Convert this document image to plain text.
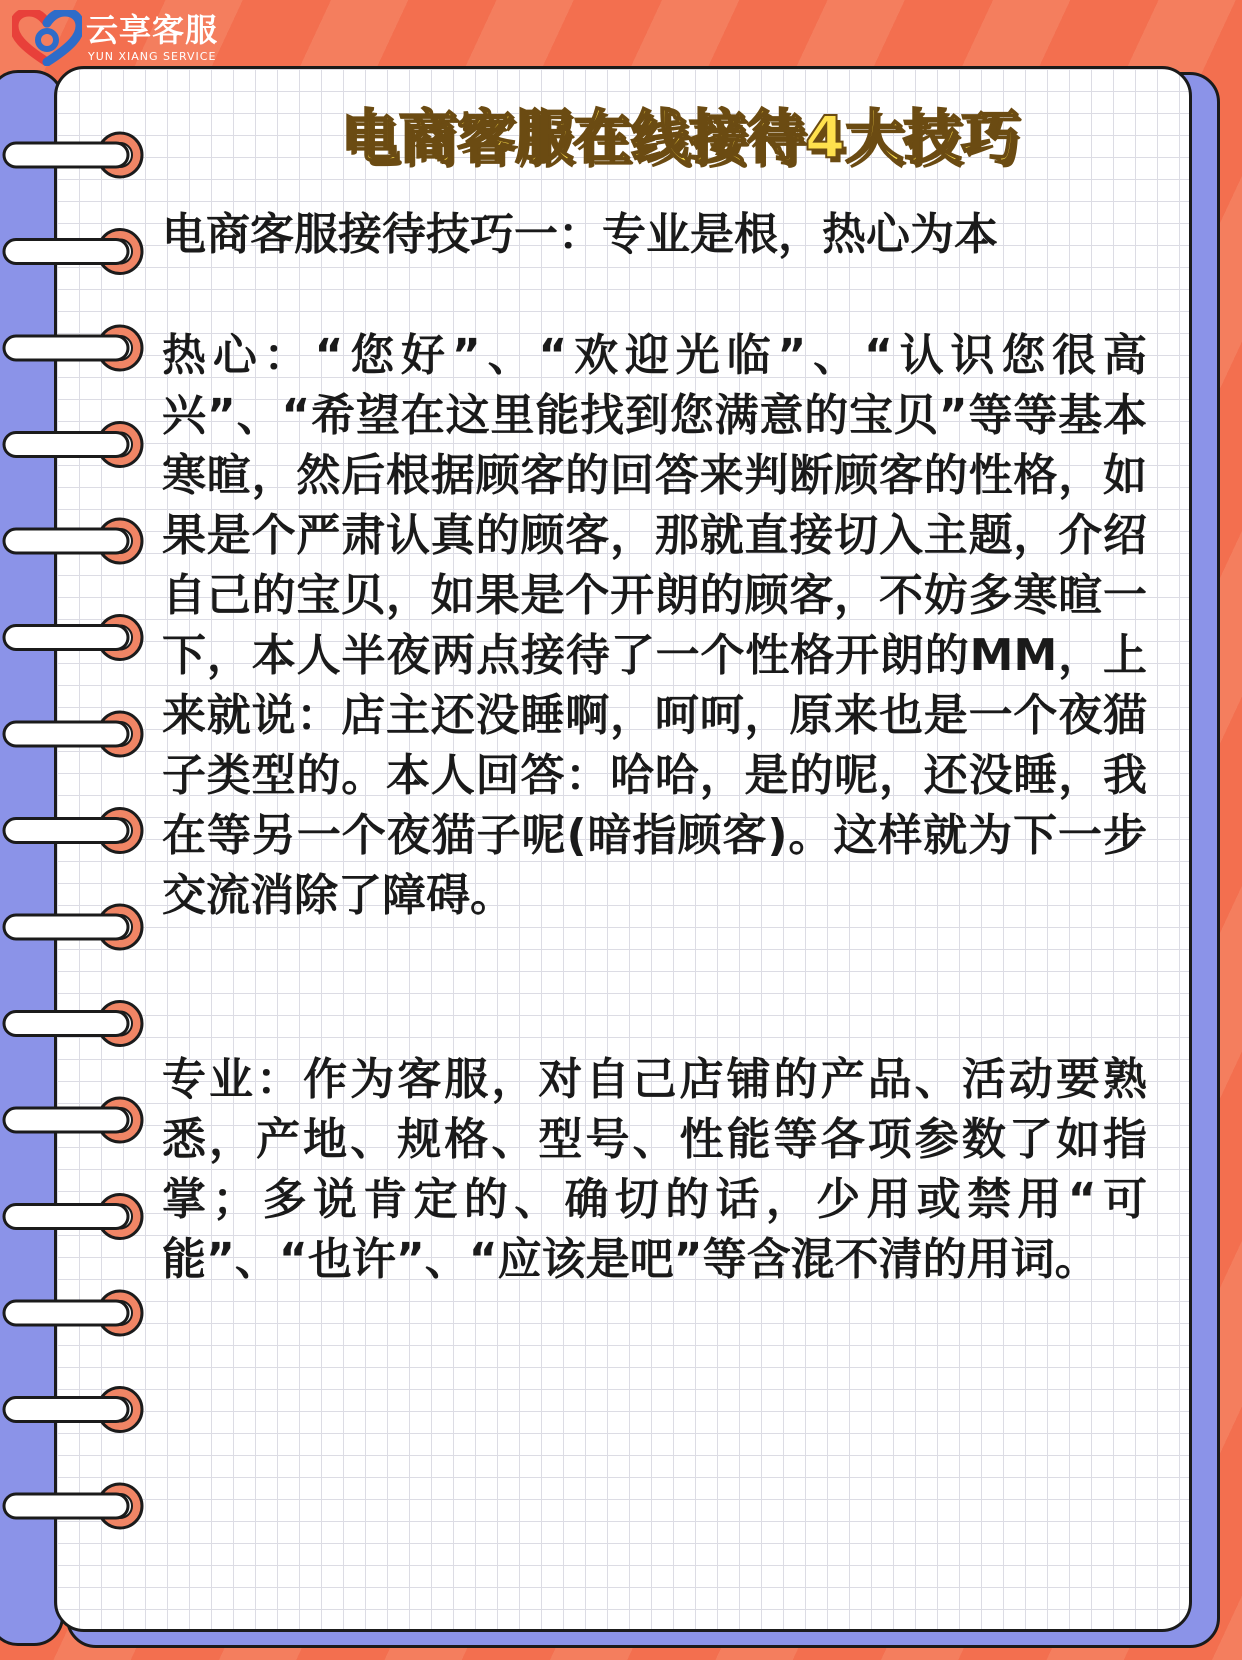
云享客服
YUN XIANG SERVICE
电商客服在线接待4大技巧

电商客服接待技巧一：专业是根，热心为本

热心：“您好”、“欢迎光临”、“认识您很高兴”、“希望在这里能找到您满意的宝贝”等等基本寒暄，然后根据顾客的回答来判断顾客的性格，如果是个严肃认真的顾客，那就直接切入主题，介绍自己的宝贝，如果是个开朗的顾客，不妨多寒暄一下，本人半夜两点接待了一个性格开朗的MM，上来就说：店主还没睡啊，呵呵，原来也是一个夜猫子类型的。本人回答：哈哈，是的呢，还没睡，我在等另一个夜猫子呢(暗指顾客)。这样就为下一步交流消除了障碍。

专业：作为客服，对自己店铺的产品、活动要熟悉，产地、规格、型号、性能等各项参数了如指掌；多说肯定的、确切的话，少用或禁用“可能”、“也许”、“应该是吧”等含混不清的用词。
